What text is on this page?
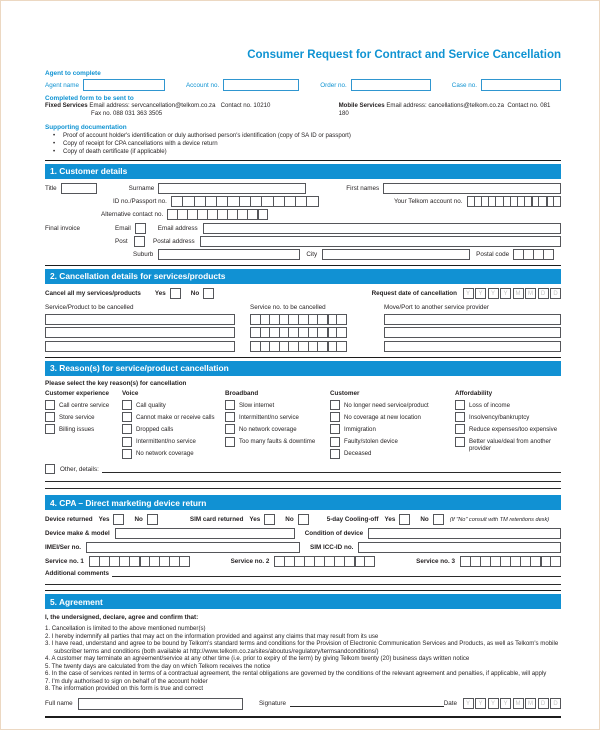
Consumer Request for Contract and Service Cancellation
Agent to complete
Agent name	Account no.	Order no.	Case no.
Completed form to be sent to
Fixed Services Email address: servcancellation@telkom.co.za Contact no. 10210
Fax no. 088 031 363 3505
Mobile Services Email address: cancellations@telkom.co.za Contact no. 081 180
Supporting documentation
• Proof of account holder's identification or duly authorised person's identification (copy of SA ID or passport)
• Copy of receipt for CPA cancellations with a device return
• Copy of death certificate (if applicable)
1. Customer details
Title	Surname	First names
ID no./Passport no.	Your Telkom account no.
Alternative contact no.
Final invoice	Email	Email address
Post	Postal address
Suburb	City	Postal code
2. Cancellation details for services/products
Cancel all my services/products Yes	No	Request date of cancellation	Y	Y	Y	Y	M	M	D	D
Service/Product to be cancelled	Service no. to be cancelled	Move/Port to another service provider
3. Reason(s) for service/product cancellation
Please select the key reason(s) for cancellation
Customer experience
Call centre service
Store service
Billing issues
Voice
Call quality
Cannot make or receive calls
Dropped calls
Intermittent/no service
No network coverage
Broadband
Slow internet
Intermittent/no service
No network coverage
Too many faults & downtime
Customer
No longer need service/product
No coverage at new location
Immigration
Faulty/stolen device
Deceased
Affordability
Loss of income
Insolvency/bankruptcy
Reduce expenses/too expensive
Better value/deal from another provider
Other, details:
4. CPA – Direct marketing device return
Device returned Yes	No	SIM card returned Yes	No	5-day Cooling-off Yes	No	(If "No" consult with TM retentions desk)
Device make & model	Condition of device
IMEI/Ser no.	SIM ICC-ID no.
Service no. 1	Service no. 2	Service no. 3
Additional comments
5. Agreement
I, the undersigned, declare, agree and confirm that:
1. Cancellation is limited to the above mentioned number(s)
2. I hereby indemnify all parties that may act on the information provided and against any claims that may result from its use
3. I have read, understand and agree to be bound by Telkom's standard terms and conditions for the Provision of Electronic Communication Services and Products, as well as Telkom's mobile subscriber terms and conditions (both available at http://www.telkom.co.za/sites/aboutus/regulatory/termsandconditions/)
4. A customer may terminate an agreement/service at any other time (i.e. prior to expiry of the term) by giving Telkom twenty (20) business days written notice
5. The twenty days are calculated from the day on which Telkom receives the notice
6. In the case of services rented in terms of a contractual agreement, the rental obligations are governed by the conditions of the relevant agreement and penalties, if applicable, will apply
7. I'm duly authorised to sign on behalf of the account holder
8. The information provided on this form is true and correct
Full name	Signature	Date	Y	Y	Y	Y	M	M	D	D
